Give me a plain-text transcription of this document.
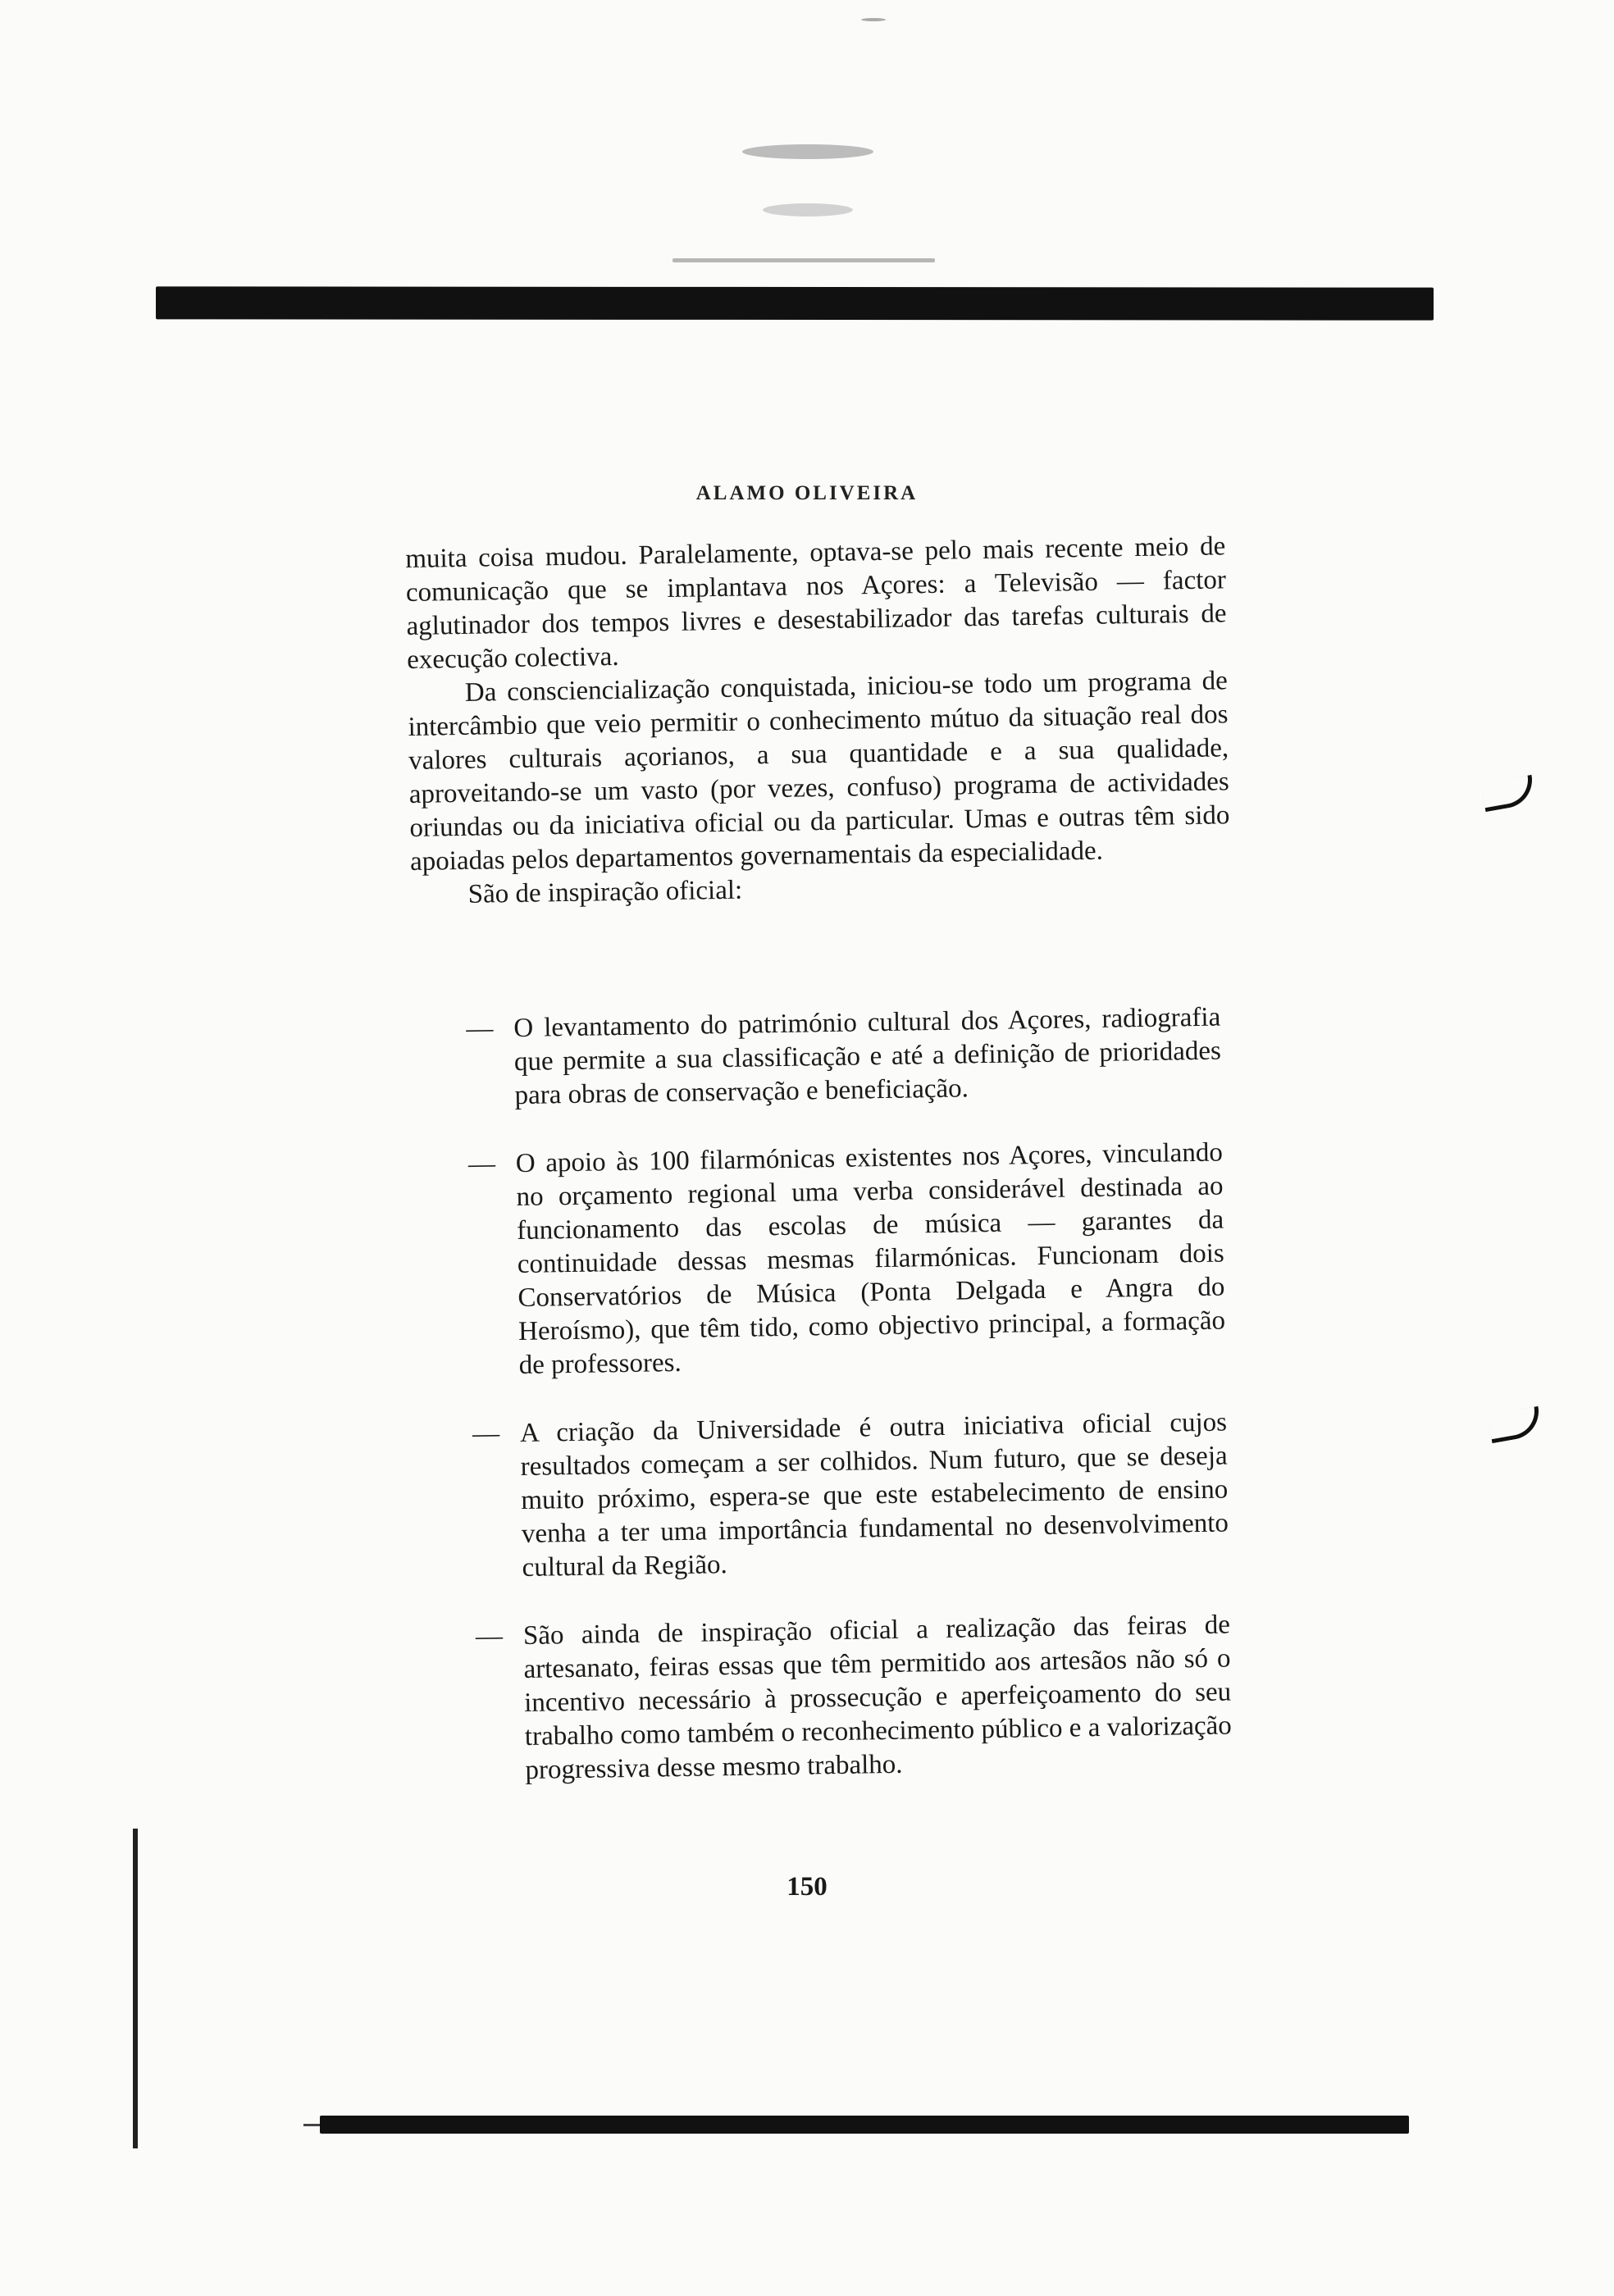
ALAMO OLIVEIRA

muita coisa mudou. Paralelamente, optava-se pelo mais recente meio de comunicação que se implantava nos Açores: a Televisão — factor aglutinador dos tempos livres e desestabilizador das tarefas culturais de execução colectiva.

Da consciencialização conquistada, iniciou-se todo um programa de intercâmbio que veio permitir o conhecimento mútuo da situação real dos valores culturais açorianos, a sua quantidade e a sua qualidade, aproveitando-se um vasto (por vezes, confuso) programa de actividades oriundas ou da iniciativa oficial ou da particular. Umas e outras têm sido apoiadas pelos departamentos governamentais da especialidade.

São de inspiração oficial:

— O levantamento do património cultural dos Açores, radiografia que permite a sua classificação e até a definição de prioridades para obras de conservação e beneficiação.
— O apoio às 100 filarmónicas existentes nos Açores, vinculando no orçamento regional uma verba considerável destinada ao funcionamento das escolas de música — garantes da continuidade dessas mesmas filarmónicas. Funcionam dois Conservatórios de Música (Ponta Delgada e Angra do Heroísmo), que têm tido, como objectivo principal, a formação de professores.
— A criação da Universidade é outra iniciativa oficial cujos resultados começam a ser colhidos. Num futuro, que se deseja muito próximo, espera-se que este estabelecimento de ensino venha a ter uma importância fundamental no desenvolvimento cultural da Região.
— São ainda de inspiração oficial a realização das feiras de artesanato, feiras essas que têm permitido aos artesãos não só o incentivo necessário à prossecução e aperfeiçoamento do seu trabalho como também o reconhecimento público e a valorização progressiva desse mesmo trabalho.
150
